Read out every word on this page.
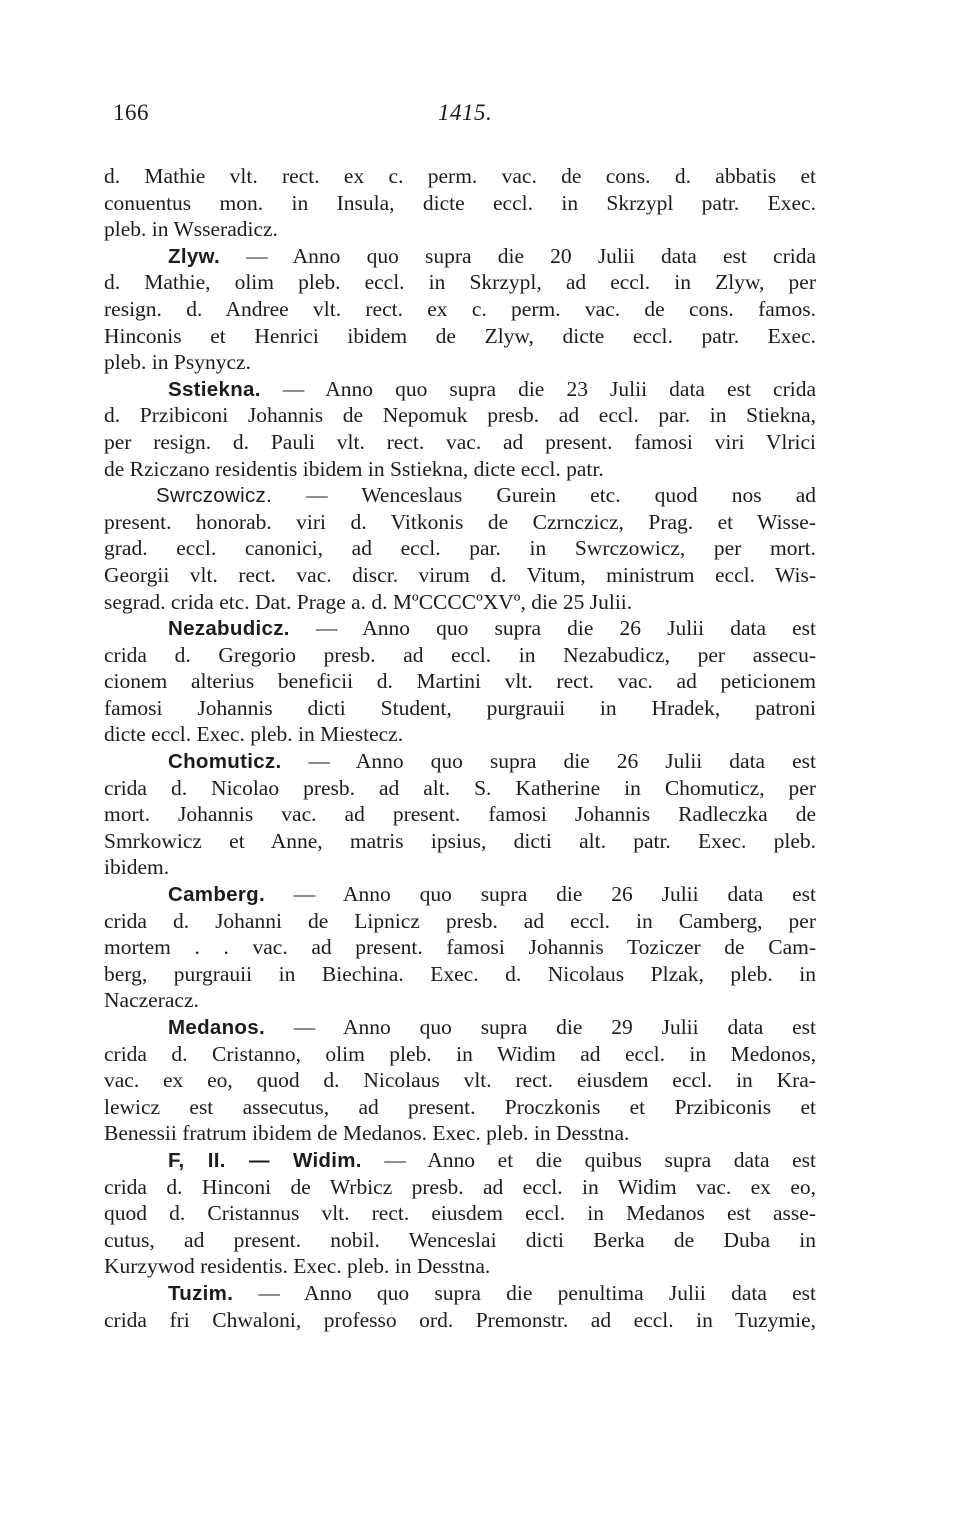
166	1415.
d. Mathie vlt. rect. ex c. perm. vac. de cons. d. abbatis et
conuentus mon. in Insula, dicte eccl. in Skrzypl patr. Exec.
pleb. in Wsseradicz.
Zlyw. — Anno quo supra die 20 Julii data est crida
d. Mathie, olim pleb. eccl. in Skrzypl, ad eccl. in Zlyw, per
resign. d. Andree vlt. rect. ex c. perm. vac. de cons. famos.
Hinconis et Henrici ibidem de Zlyw, dicte eccl. patr. Exec.
pleb. in Psynycz.
Sstiekna. — Anno quo supra die 23 Julii data est crida
d. Przibiconi Johannis de Nepomuk presb. ad eccl. par. in Stiekna,
per resign. d. Pauli vlt. rect. vac. ad present. famosi viri Vlrici
de Rziczano residentis ibidem in Sstiekna, dicte eccl. patr.
Swrczowicz. — Wenceslaus Gurein etc. quod nos ad
present. honorab. viri d. Vitkonis de Czrnczicz, Prag. et Wisse-
grad. eccl. canonici, ad eccl. par. in Swrczowicz, per mort.
Georgii vlt. rect. vac. discr. virum d. Vitum, ministrum eccl. Wis-
segrad. crida etc. Dat. Prage a. d. MºCCCCºXVº, die 25 Julii.
Nezabudicz. — Anno quo supra die 26 Julii data est
crida d. Gregorio presb. ad eccl. in Nezabudicz, per assecu-
cionem alterius beneficii d. Martini vlt. rect. vac. ad peticionem
famosi Johannis dicti Student, purgrauii in Hradek, patroni
dicte eccl. Exec. pleb. in Miestecz.
Chomuticz. — Anno quo supra die 26 Julii data est
crida d. Nicolao presb. ad alt. S. Katherine in Chomuticz, per
mort. Johannis vac. ad present. famosi Johannis Radleczka de
Smrkowicz et Anne, matris ipsius, dicti alt. patr. Exec. pleb.
ibidem.
Camberg. — Anno quo supra die 26 Julii data est
crida d. Johanni de Lipnicz presb. ad eccl. in Camberg, per
mortem . . vac. ad present. famosi Johannis Toziczer de Cam-
berg, purgrauii in Biechina. Exec. d. Nicolaus Plzak, pleb. in
Naczeracz.
Medanos. — Anno quo supra die 29 Julii data est
crida d. Cristanno, olim pleb. in Widim ad eccl. in Medonos,
vac. ex eo, quod d. Nicolaus vlt. rect. eiusdem eccl. in Kra-
lewicz est assecutus, ad present. Proczkonis et Przibiconis et
Benessii fratrum ibidem de Medanos. Exec. pleb. in Desstna.
F, II. — Widim. — Anno et die quibus supra data est
crida d. Hinconi de Wrbicz presb. ad eccl. in Widim vac. ex eo,
quod d. Cristannus vlt. rect. eiusdem eccl. in Medanos est asse-
cutus, ad present. nobil. Wenceslai dicti Berka de Duba in
Kurzywod residentis. Exec. pleb. in Desstna.
Tuzim. — Anno quo supra die penultima Julii data est
crida fri Chwaloni, professo ord. Premonstr. ad eccl. in Tuzymie,
